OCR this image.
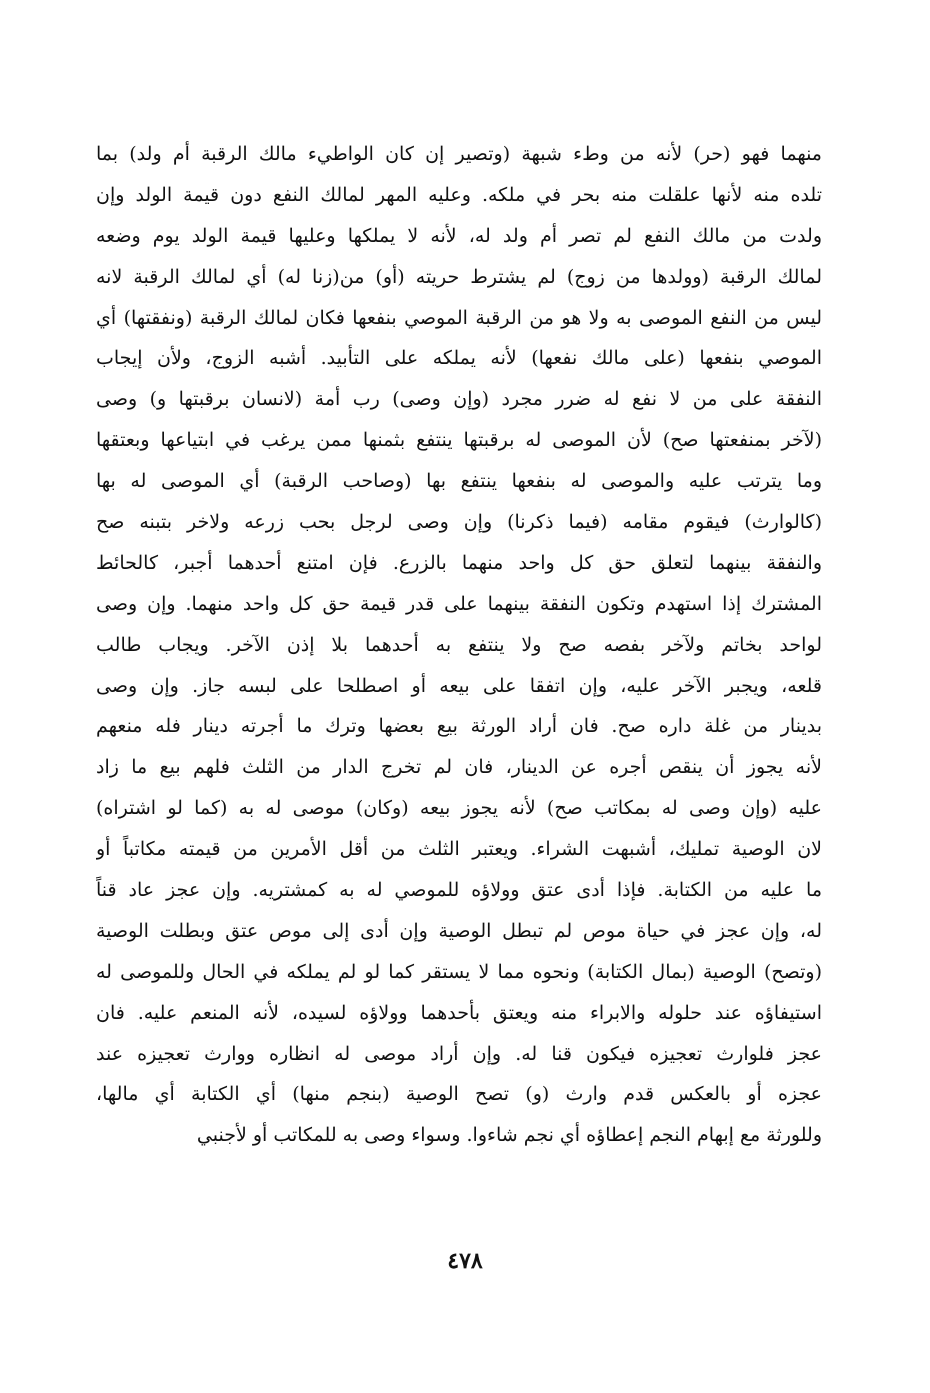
منهما فهو (حر) لأنه من وطء شبهة (وتصير إن كان الواطيء مالك الرقبة أم ولد) بما
تلده منه لأنها علقلت منه بحر في ملكه. وعليه المهر لمالك النفع دون قيمة الولد وإن
ولدت من مالك النفع لم تصر أم ولد له، لأنه لا يملكها وعليها قيمة الولد يوم وضعه
لمالك الرقبة (وولدها من زوج) لم يشترط حريته (أو) من(زنا له) أي لمالك الرقبة لانه
ليس من النفع الموصى به ولا هو من الرقبة الموصي بنفعها فكان لمالك الرقبة (ونفقتها) أي
الموصي بنفعها (على مالك نفعها) لأنه يملكه على التأبيد. أشبه الزوج، ولأن إيجاب
النفقة على من لا نفع له ضرر مجرد (وإن وصى) رب أمة (لانسان برقبتها و) وصى
(لآخر بمنفعتها صح) لأن الموصى له برقبتها ينتفع بثمنها ممن يرغب في ابتياعها وبعتقها
وما يترتب عليه والموصى له بنفعها ينتفع بها (وصاحب الرقبة) أي الموصى له بها
(كالوارث) فيقوم مقامه (فيما ذكرنا) وإن وصى لرجل بحب زرعه ولاخر بتبنه صح
والنفقة بينهما لتعلق حق كل واحد منهما بالزرع. فإن امتنع أحدهما أجبر، كالحائط
المشترك إذا استهدم وتكون النفقة بينهما على قدر قيمة حق كل واحد منهما. وإن وصى
لواحد بخاتم ولآخر بفصه صح ولا ينتفع به أحدهما بلا إذن الآخر. ويجاب طالب
قلعه، ويجبر الآخر عليه، وإن اتفقا على بيعه أو اصطلحا على لبسه جاز. وإن وصى
بدينار من غلة داره صح. فان أراد الورثة بيع بعضها وترك ما أجرته دينار فله منعهم
لأنه يجوز أن ينقص أجره عن الدينار، فان لم تخرج الدار من الثلث فلهم بيع ما زاد
عليه (وإن وصى له بمكاتب صح) لأنه يجوز بيعه (وكان) موصى له به (كما لو اشتراه)
لان الوصية تمليك، أشبهت الشراء. ويعتبر الثلث من أقل الأمرين من قيمته مكاتباً أو
ما عليه من الكتابة. فإذا أدى عتق وولاؤه للموصي له به كمشتريه. وإن عجز عاد قناً
له، وإن عجز في حياة موص لم تبطل الوصية وإن أدى إلى موص عتق وبطلت الوصية
(وتصح) الوصية (بمال الكتابة) ونحوه مما لا يستقر كما لو لم يملكه في الحال وللموصى له
استيفاؤه عند حلوله والابراء منه ويعتق بأحدهما وولاؤه لسيده، لأنه المنعم عليه. فان
عجز فلوارث تعجيزه فيكون قنا له. وإن أراد موصى له انظاره ووارث تعجيزه عند
عجزه أو بالعكس قدم وارث (و) تصح الوصية (بنجم منها) أي الكتابة أي مالها،
وللورثة مع إبهام النجم إعطاؤه أي نجم شاءوا. وسواء وصى به للمكاتب أو لأجنبي
٤٧٨
